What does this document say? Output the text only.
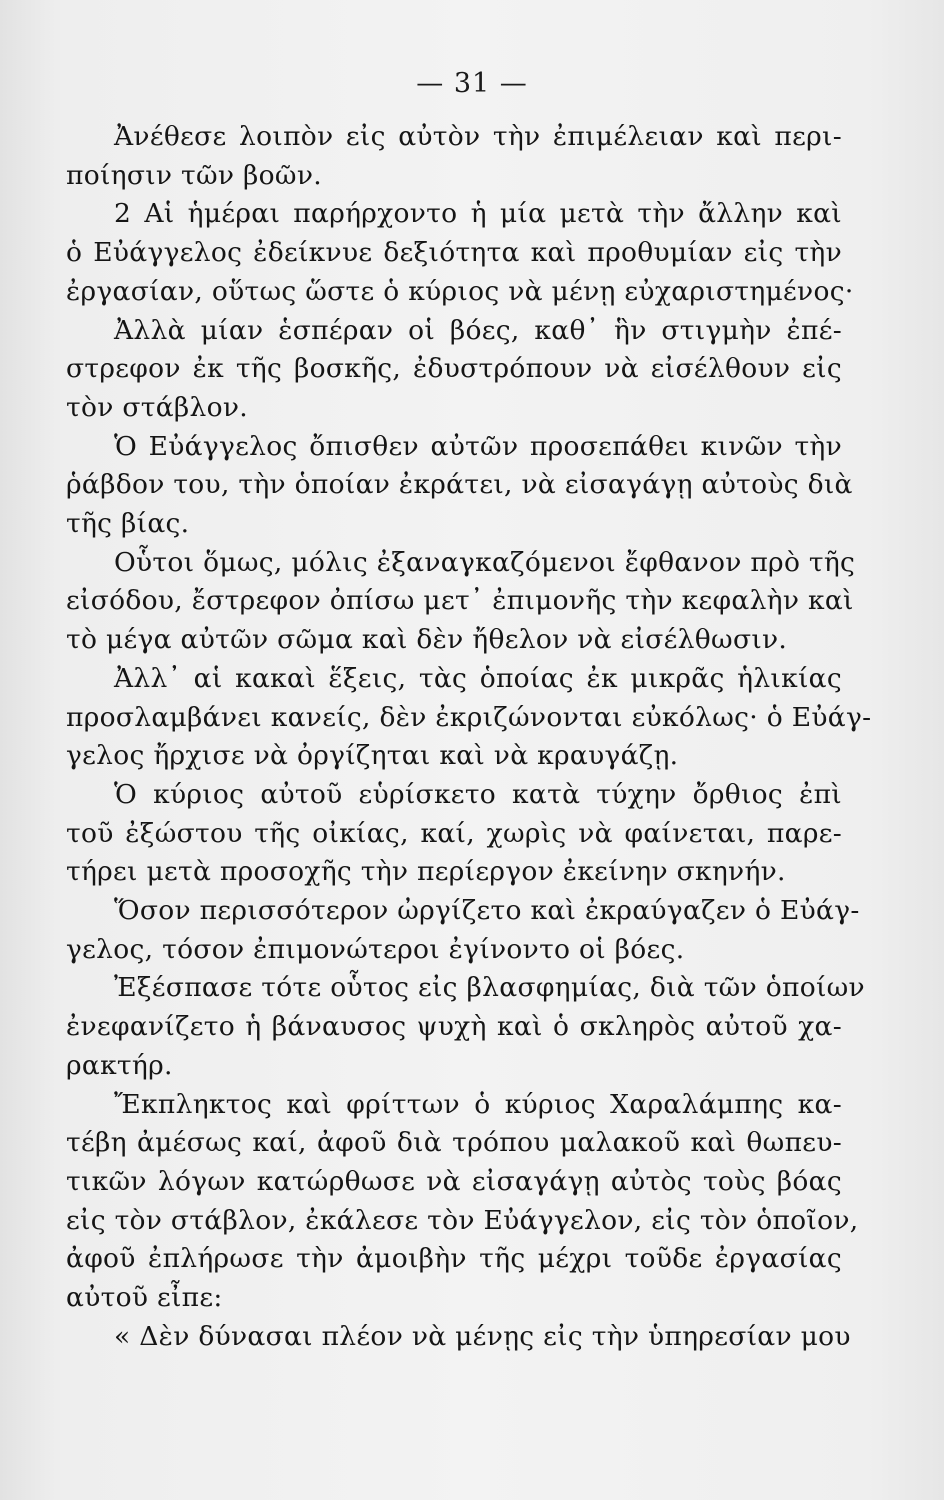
— 31 —

Ἀνέθεσε λοιπὸν εἰς αὐτὸν τὴν ἐπιμέλειαν καὶ περι-
ποίησιν τῶν βοῶν.

2 Αἱ ἡμέραι παρήρχοντο ἡ μία μετὰ τὴν ἄλλην καὶ
ὁ Εὐάγγελος ἐδείκνυε δεξιότητα καὶ προθυμίαν εἰς τὴν
ἐργασίαν, οὕτως ὥστε ὁ κύριος νὰ μένῃ εὐχαριστημένος·

Ἀλλὰ μίαν ἑσπέραν οἱ βόες, καθ᾽ ἣν στιγμὴν ἐπέ-
στρεφον ἐκ τῆς βοσκῆς, ἐδυστρόπουν νὰ εἰσέλθουν εἰς
τὸν στάβλον.

Ὁ Εὐάγγελος ὄπισθεν αὐτῶν προσεπάθει κινῶν τὴν
ῥάβδον του, τὴν ὁποίαν ἐκράτει, νὰ εἰσαγάγῃ αὐτοὺς διὰ
τῆς βίας.

Οὗτοι ὅμως, μόλις ἐξαναγκαζόμενοι ἔφθανον πρὸ τῆς
εἰσόδου, ἔστρεφον ὀπίσω μετ᾽ ἐπιμονῆς τὴν κεφαλὴν καὶ
τὸ μέγα αὐτῶν σῶμα καὶ δὲν ἤθελον νὰ εἰσέλθωσιν.

Ἀλλ᾽ αἱ κακαὶ ἕξεις, τὰς ὁποίας ἐκ μικρᾶς ἡλικίας
προσλαμβάνει κανείς, δὲν ἐκριζώνονται εὐκόλως· ὁ Εὐάγ-
γελος ἤρχισε νὰ ὀργίζηται καὶ νὰ κραυγάζῃ.

Ὁ κύριος αὐτοῦ εὑρίσκετο κατὰ τύχην ὄρθιος ἐπὶ
τοῦ ἐξώστου τῆς οἰκίας, καί, χωρὶς νὰ φαίνεται, παρε-
τήρει μετὰ προσοχῆς τὴν περίεργον ἐκείνην σκηνήν.

Ὅσον περισσότερον ὠργίζετο καὶ ἐκραύγαζεν ὁ Εὐάγ-
γελος, τόσον ἐπιμονώτεροι ἐγίνοντο οἱ βόες.

Ἐξέσπασε τότε οὗτος εἰς βλασφημίας, διὰ τῶν ὁποίων
ἐνεφανίζετο ἡ βάναυσος ψυχὴ καὶ ὁ σκληρὸς αὐτοῦ χα-
ρακτήρ.

Ἔκπληκτος καὶ φρίττων ὁ κύριος Χαραλάμπης κα-
τέβη ἀμέσως καί, ἀφοῦ διὰ τρόπου μαλακοῦ καὶ θωπευ-
τικῶν λόγων κατώρθωσε νὰ εἰσαγάγῃ αὐτὸς τοὺς βόας
εἰς τὸν στάβλον, ἐκάλεσε τὸν Εὐάγγελον, εἰς τὸν ὁποῖον,
ἀφοῦ ἐπλήρωσε τὴν ἀμοιβὴν τῆς μέχρι τοῦδε ἐργασίας
αὐτοῦ εἶπε:

« Δὲν δύνασαι πλέον νὰ μένῃς εἰς τὴν ὑπηρεσίαν μου
